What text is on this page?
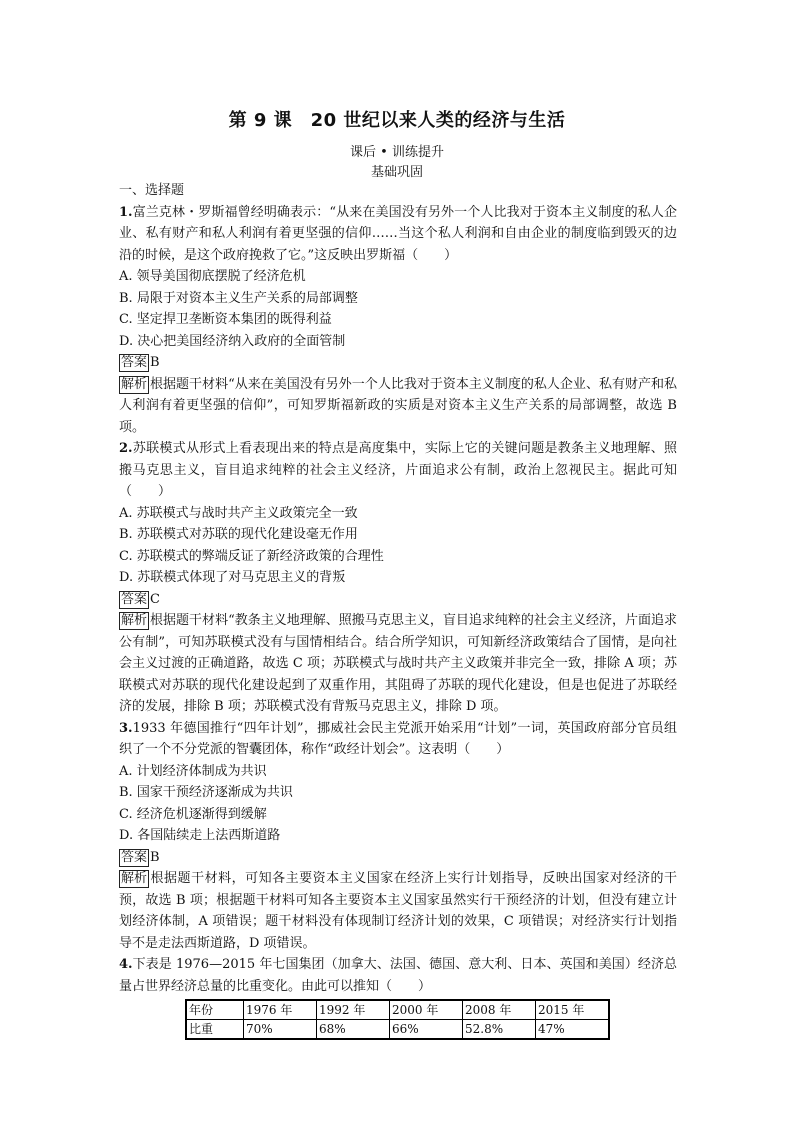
第 9 课　20 世纪以来人类的经济与生活
课后 • 训练提升
基础巩固

一、选择题

1.富兰克林・罗斯福曾经明确表示：“从来在美国没有另外一个人比我对于资本主义制度的私人企业、私有财产和私人利润有着更坚强的信仰……当这个私人利润和自由企业的制度临到毁灭的边沿的时候，是这个政府挽救了它。”这反映出罗斯福（　　）

A. 领导美国彻底摆脱了经济危机

B. 局限于对资本主义生产关系的局部调整

C. 坚定捍卫垄断资本集团的既得利益

D. 决心把美国经济纳入政府的全面管制

答案 B

解析 根据题干材料“从来在美国没有另外一个人比我对于资本主义制度的私人企业、私有财产和私人利润有着更坚强的信仰”，可知罗斯福新政的实质是对资本主义生产关系的局部调整，故选 B 项。

2.苏联模式从形式上看表现出来的特点是高度集中，实际上它的关键问题是教条主义地理解、照搬马克思主义，盲目追求纯粹的社会主义经济，片面追求公有制，政治上忽视民主。据此可知（　　）

A. 苏联模式与战时共产主义政策完全一致

B. 苏联模式对苏联的现代化建设毫无作用

C. 苏联模式的弊端反证了新经济政策的合理性

D. 苏联模式体现了对马克思主义的背叛

答案 C

解析 根据题干材料“教条主义地理解、照搬马克思主义，盲目追求纯粹的社会主义经济，片面追求公有制”，可知苏联模式没有与国情相结合。结合所学知识，可知新经济政策结合了国情，是向社会主义过渡的正确道路，故选 C 项；苏联模式与战时共产主义政策并非完全一致，排除 A 项；苏联模式对苏联的现代化建设起到了双重作用，其阻碍了苏联的现代化建设，但是也促进了苏联经济的发展，排除 B 项；苏联模式没有背叛马克思主义，排除 D 项。

3.1933 年德国推行“四年计划”，挪威社会民主党派开始采用“计划”一词，英国政府部分官员组织了一个不分党派的智囊团体，称作“政经计划会”。这表明（　　）

A. 计划经济体制成为共识

B. 国家干预经济逐渐成为共识

C. 经济危机逐渐得到缓解

D. 各国陆续走上法西斯道路

答案 B

解析 根据题干材料，可知各主要资本主义国家在经济上实行计划指导，反映出国家对经济的干预，故选 B 项；根据题干材料可知各主要资本主义国家虽然实行干预经济的计划，但没有建立计划经济体制，A 项错误；题干材料没有体现制订经济计划的效果，C 项错误；对经济实行计划指导不是走法西斯道路，D 项错误。

4.下表是 1976—2015 年七国集团（加拿大、法国、德国、意大利、日本、英国和美国）经济总量占世界经济总量的比重变化。由此可以推知（　　）

年份	1976 年	1992 年	2000 年	2008 年	2015 年
比重	70%	68%	66%	52.8%	47%
